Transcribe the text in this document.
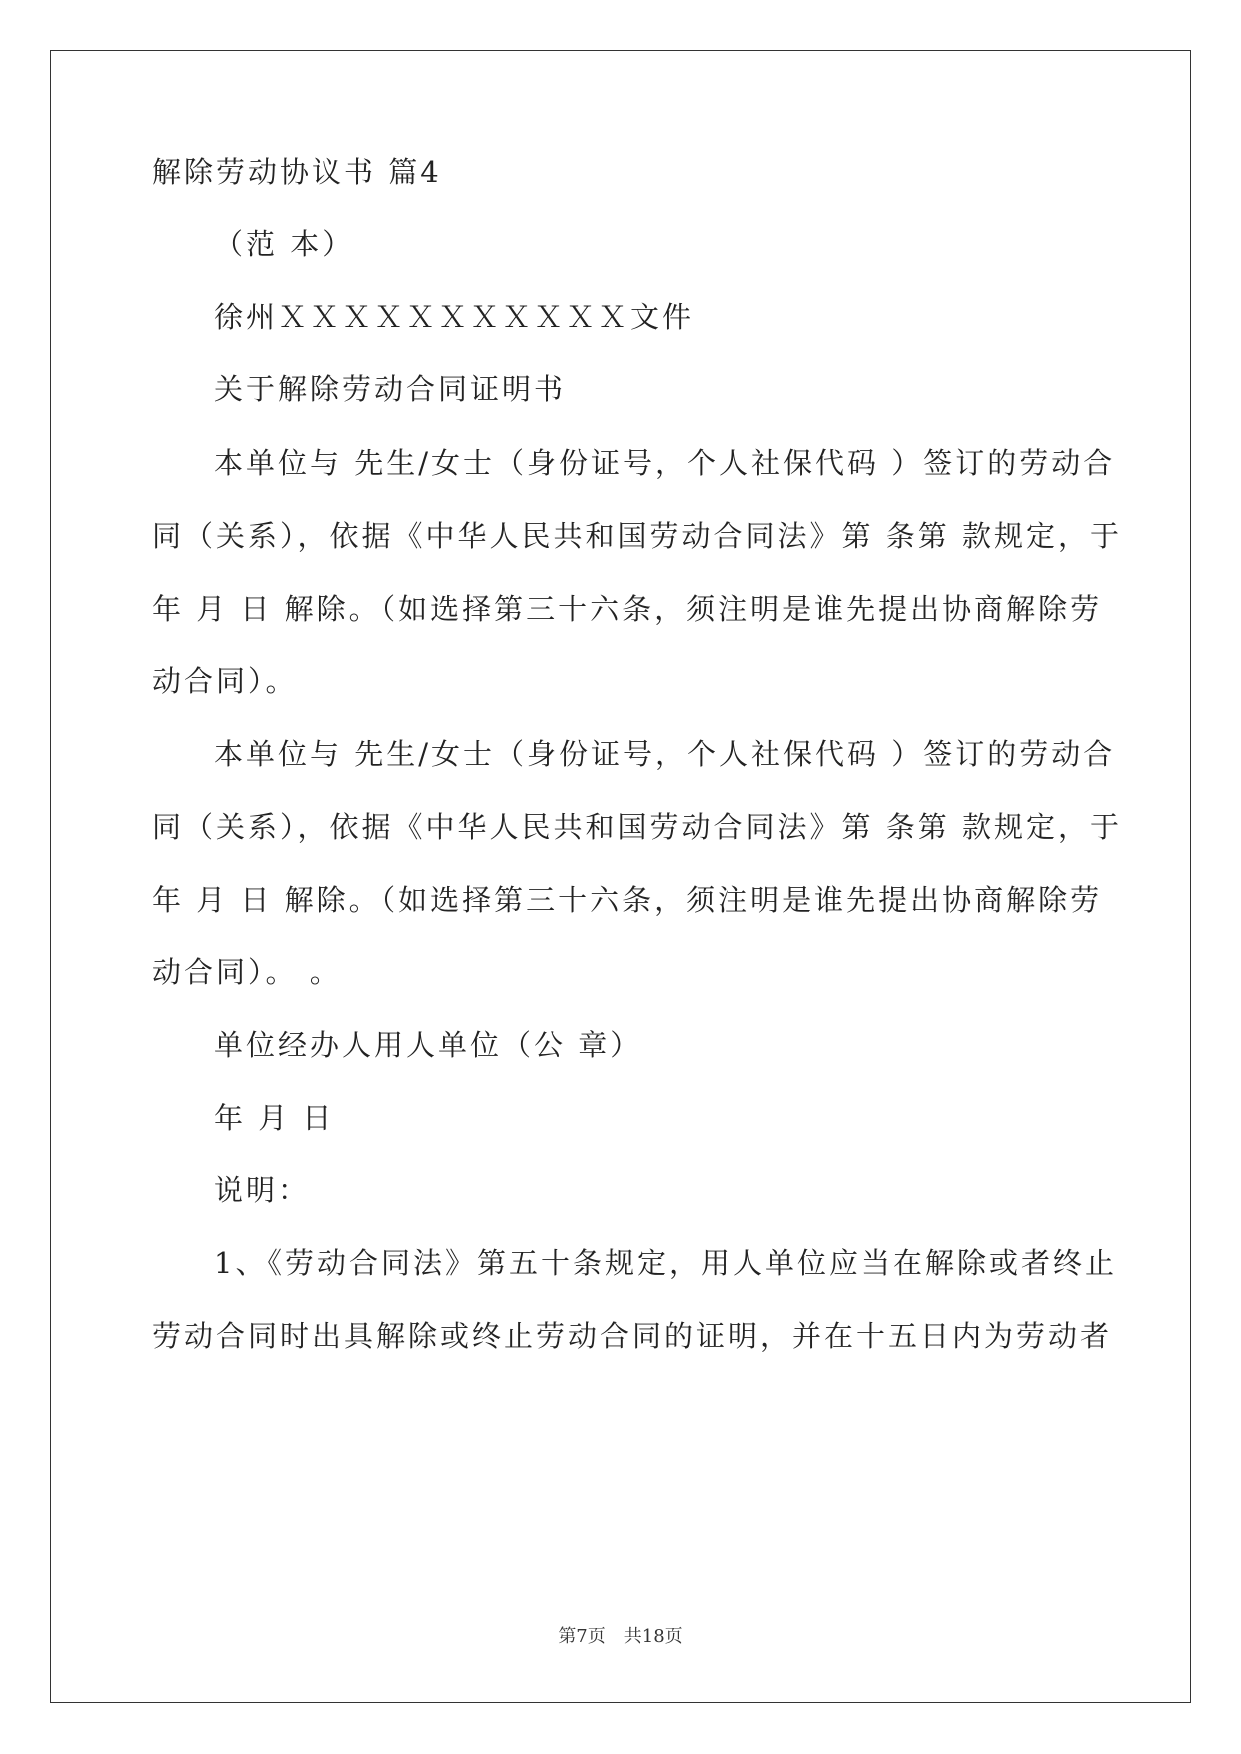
解除劳动协议书 篇4
（范 本）
徐州ＸＸＸＸＸＸＸＸＸＸＸ文件
关于解除劳动合同证明书
本单位与 先生/女士（身份证号，个人社保代码 ）签订的劳动合
同（关系），依据《中华人民共和国劳动合同法》第 条第 款规定，于
年 月 日 解除。（如选择第三十六条，须注明是谁先提出协商解除劳
动合同）。
本单位与 先生/女士（身份证号，个人社保代码 ）签订的劳动合
同（关系），依据《中华人民共和国劳动合同法》第 条第 款规定，于
年 月 日 解除。（如选择第三十六条，须注明是谁先提出协商解除劳
动合同）。 。
单位经办人用人单位（公 章）
年 月 日
说明：
1、《劳动合同法》第五十条规定，用人单位应当在解除或者终止
劳动合同时出具解除或终止劳动合同的证明，并在十五日内为劳动者
第7页　共18页
